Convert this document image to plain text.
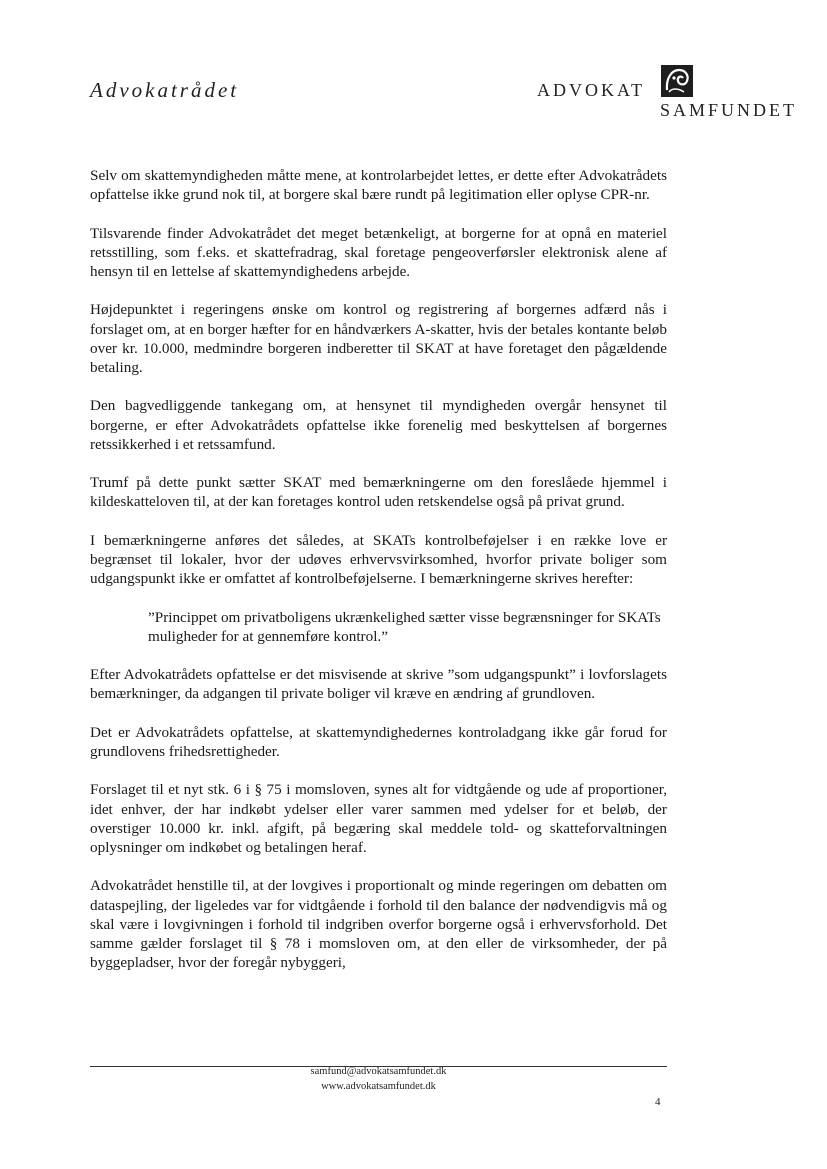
Advokatrådet	ADVOKAT
SAMFUNDET

Selv om skattemyndigheden måtte mene, at kontrolarbejdet lettes, er dette efter Advokatrådets opfattelse ikke grund nok til, at borgere skal bære rundt på legitimation eller oplyse CPR-nr.

Tilsvarende finder Advokatrådet det meget betænkeligt, at borgerne for at opnå en materiel retsstilling, som f.eks. et skattefradrag, skal foretage pengeoverførsler elektronisk alene af hensyn til en lettelse af skattemyndighedens arbejde.

Højdepunktet i regeringens ønske om kontrol og registrering af borgernes adfærd nås i forslaget om, at en borger hæfter for en håndværkers A-skatter, hvis der betales kontante beløb over kr. 10.000, medmindre borgeren indberetter til SKAT at have foretaget den pågældende betaling.

Den bagvedliggende tankegang om, at hensynet til myndigheden overgår hensynet til borgerne, er efter Advokatrådets opfattelse ikke forenelig med beskyttelsen af borgernes retssikkerhed i et retssamfund.

Trumf på dette punkt sætter SKAT med bemærkningerne om den foreslåede hjemmel i kildeskatteloven til, at der kan foretages kontrol uden retskendelse også på privat grund.

I bemærkningerne anføres det således, at SKATs kontrolbeføjelser i en række love er begrænset til lokaler, hvor der udøves erhvervsvirksomhed, hvorfor private boliger som udgangspunkt ikke er omfattet af kontrolbeføjelserne. I bemærkningerne skrives herefter:

”Princippet om privatboligens ukrænkelighed sætter visse begrænsninger for SKATs muligheder for at gennemføre kontrol.”

Efter Advokatrådets opfattelse er det misvisende at skrive ”som udgangspunkt” i lovforslagets bemærkninger, da adgangen til private boliger vil kræve en ændring af grundloven.

Det er Advokatrådets opfattelse, at skattemyndighedernes kontroladgang ikke går forud for grundlovens frihedsrettigheder.

Forslaget til et nyt stk. 6 i § 75 i momsloven, synes alt for vidtgående og ude af proportioner, idet enhver, der har indkøbt ydelser eller varer sammen med ydelser for et beløb, der overstiger 10.000 kr. inkl. afgift, på begæring skal meddele told- og skatteforvaltningen oplysninger om indkøbet og betalingen heraf.

Advokatrådet henstille til, at der lovgives i proportionalt og minde regeringen om debatten om dataspejling, der ligeledes var for vidtgående i forhold til den balance der nødvendigvis må og skal være i lovgivningen i forhold til indgriben overfor borgerne også i erhvervsforhold. Det samme gælder forslaget til § 78 i momsloven om, at den eller de virksomheder, der på byggepladser, hvor der foregår nybyggeri,

samfund@advokatsamfundet.dk
www.advokatsamfundet.dk
4
